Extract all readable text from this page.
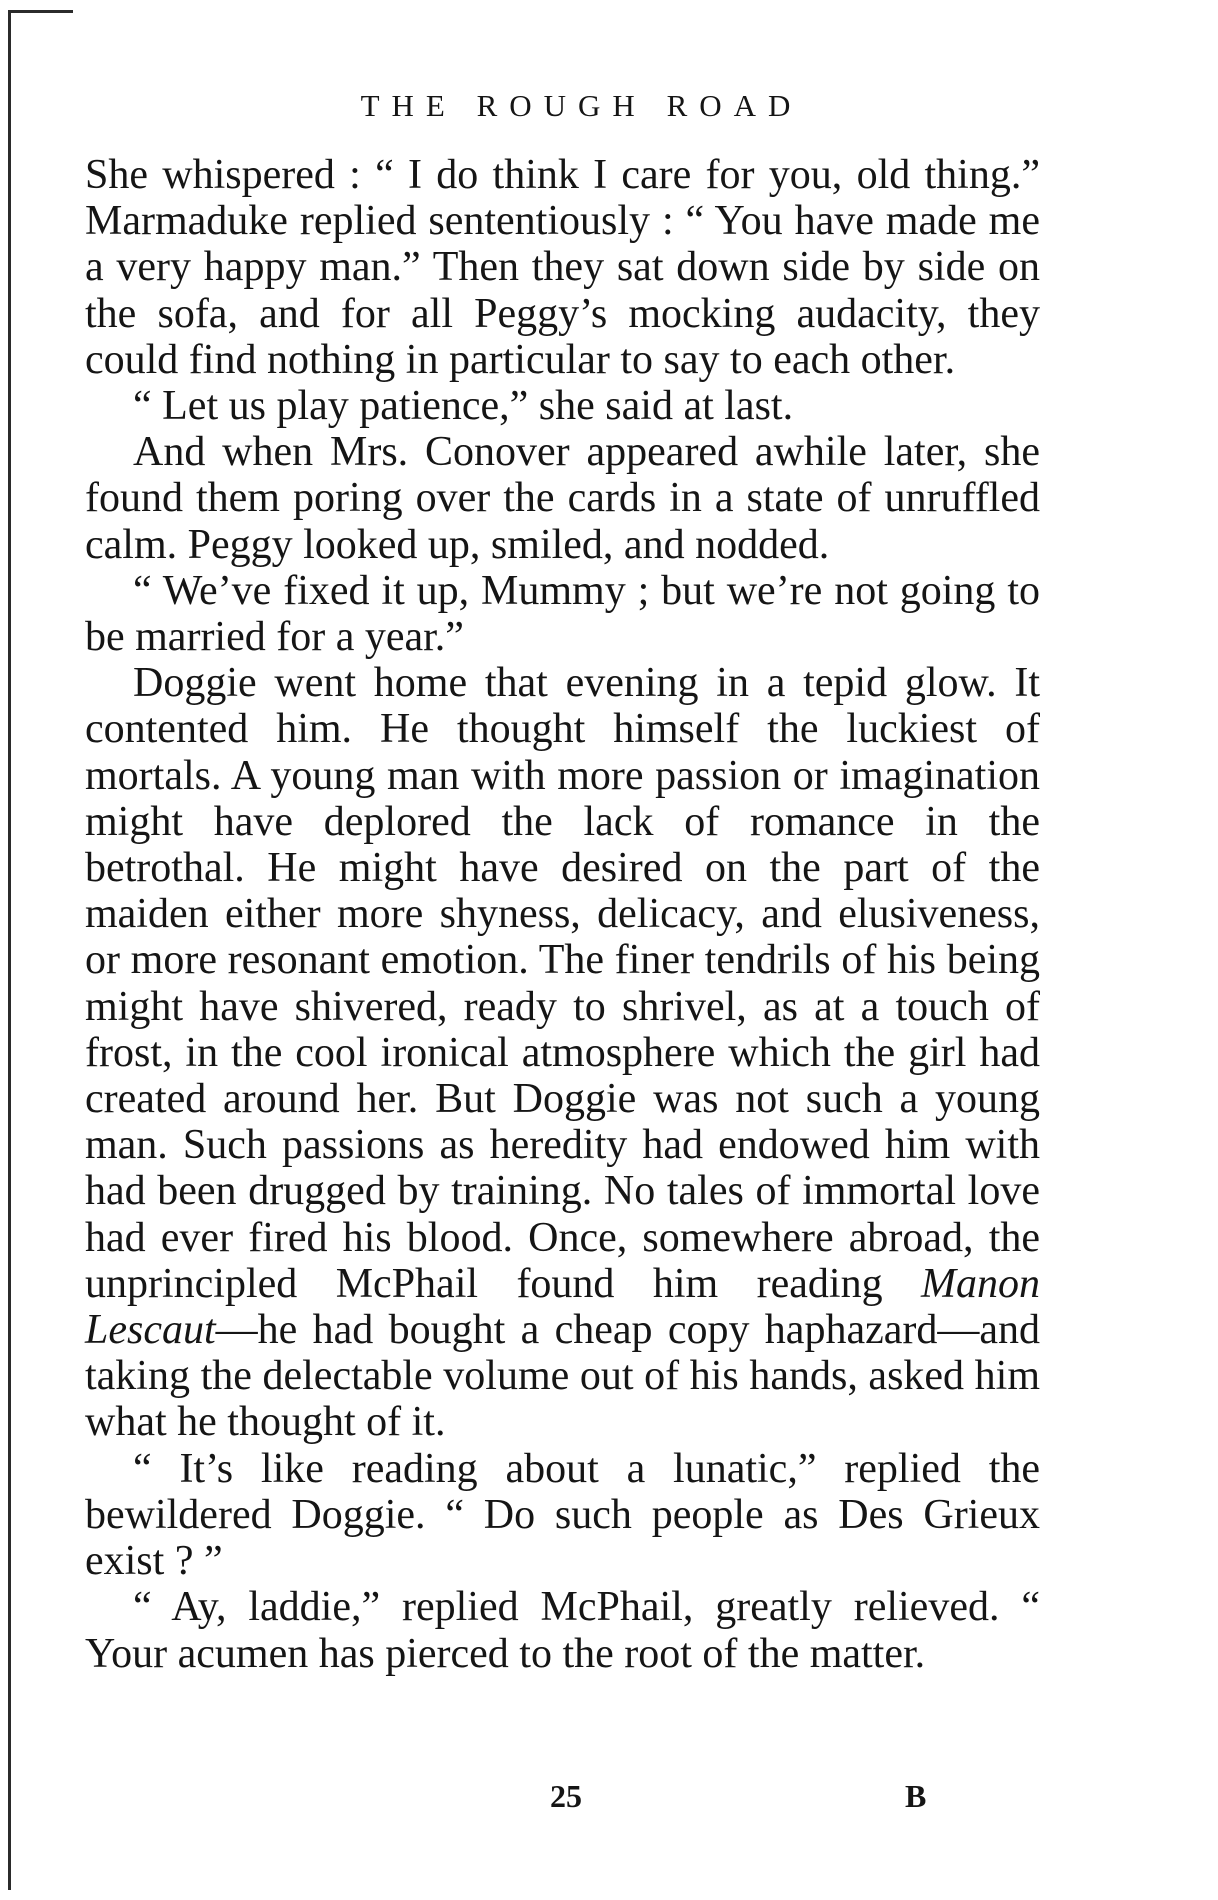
THE ROUGH ROAD

She whispered : “ I do think I care for you, old thing.” Marmaduke replied sententiously : “ You have made me a very happy man.” Then they sat down side by side on the sofa, and for all Peggy’s mocking audacity, they could find nothing in particular to say to each other.

“ Let us play patience,” she said at last.

And when Mrs. Conover appeared awhile later, she found them poring over the cards in a state of unruffled calm. Peggy looked up, smiled, and nodded.

“ We’ve fixed it up, Mummy ; but we’re not going to be married for a year.”

Doggie went home that evening in a tepid glow. It contented him. He thought himself the luckiest of mortals. A young man with more passion or imagination might have deplored the lack of romance in the betrothal. He might have desired on the part of the maiden either more shyness, delicacy, and elusiveness, or more resonant emotion. The finer tendrils of his being might have shivered, ready to shrivel, as at a touch of frost, in the cool ironical atmosphere which the girl had created around her. But Doggie was not such a young man. Such passions as heredity had endowed him with had been drugged by training. No tales of immortal love had ever fired his blood. Once, somewhere abroad, the unprincipled McPhail found him reading Manon Lescaut—he had bought a cheap copy haphazard—and taking the delectable volume out of his hands, asked him what he thought of it.

“ It’s like reading about a lunatic,” replied the bewildered Doggie. “ Do such people as Des Grieux exist ? ”

“ Ay, laddie,” replied McPhail, greatly relieved. “ Your acumen has pierced to the root of the matter.

25	B
